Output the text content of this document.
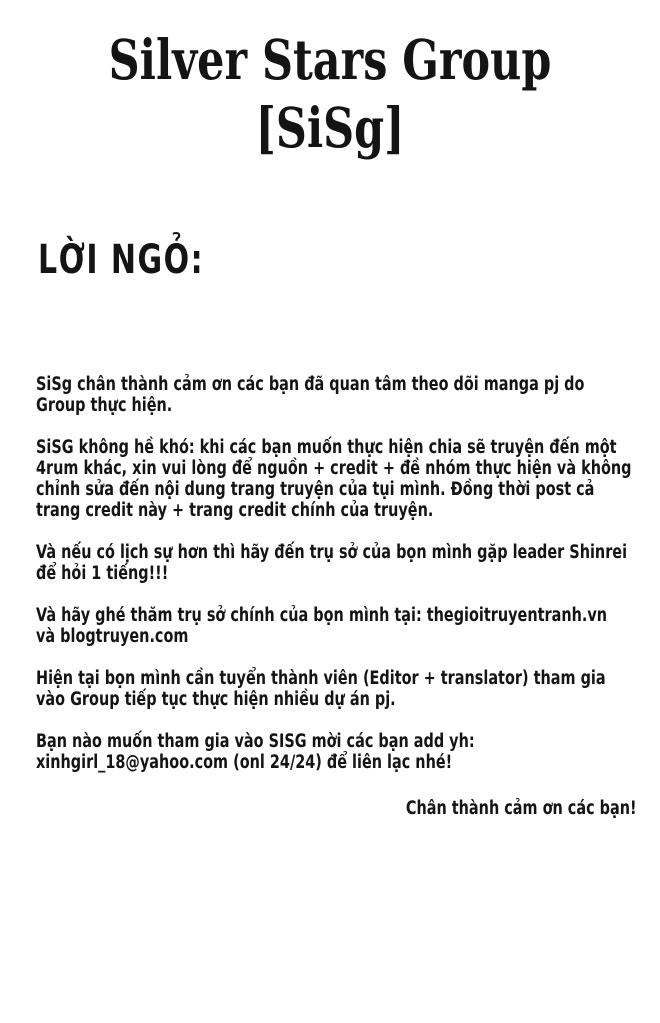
Silver Stars Group
[SiSg]
LỜI NGỎ:
SiSg chân thành cảm ơn các bạn đã quan tâm theo dõi manga pj do
Group thực hiện.
SiSG không hề khó: khi các bạn muốn thực hiện chia sẽ truyện đến một
4rum khác, xin vui lòng để nguồn + credit + đề nhóm thực hiện và không
chỉnh sửa đến nội dung trang truyện của tụi mình. Đồng thời post cả
trang credit này + trang credit chính của truyện.
Và nếu có lịch sự hơn thì hãy đến trụ sở của bọn mình gặp leader Shinrei
để hỏi 1 tiếng!!!
Và hãy ghé thăm trụ sở chính của bọn mình tại: thegioitruyentranh.vn
và blogtruyen.com
Hiện tại bọn mình cần tuyển thành viên (Editor + translator) tham gia
vào Group tiếp tục thực hiện nhiều dự án pj.
Bạn nào muốn tham gia vào SISG mời các bạn add yh:
xinhgirl_18@yahoo.com (onl 24/24) để liên lạc nhé!
Chân thành cảm ơn các bạn!
